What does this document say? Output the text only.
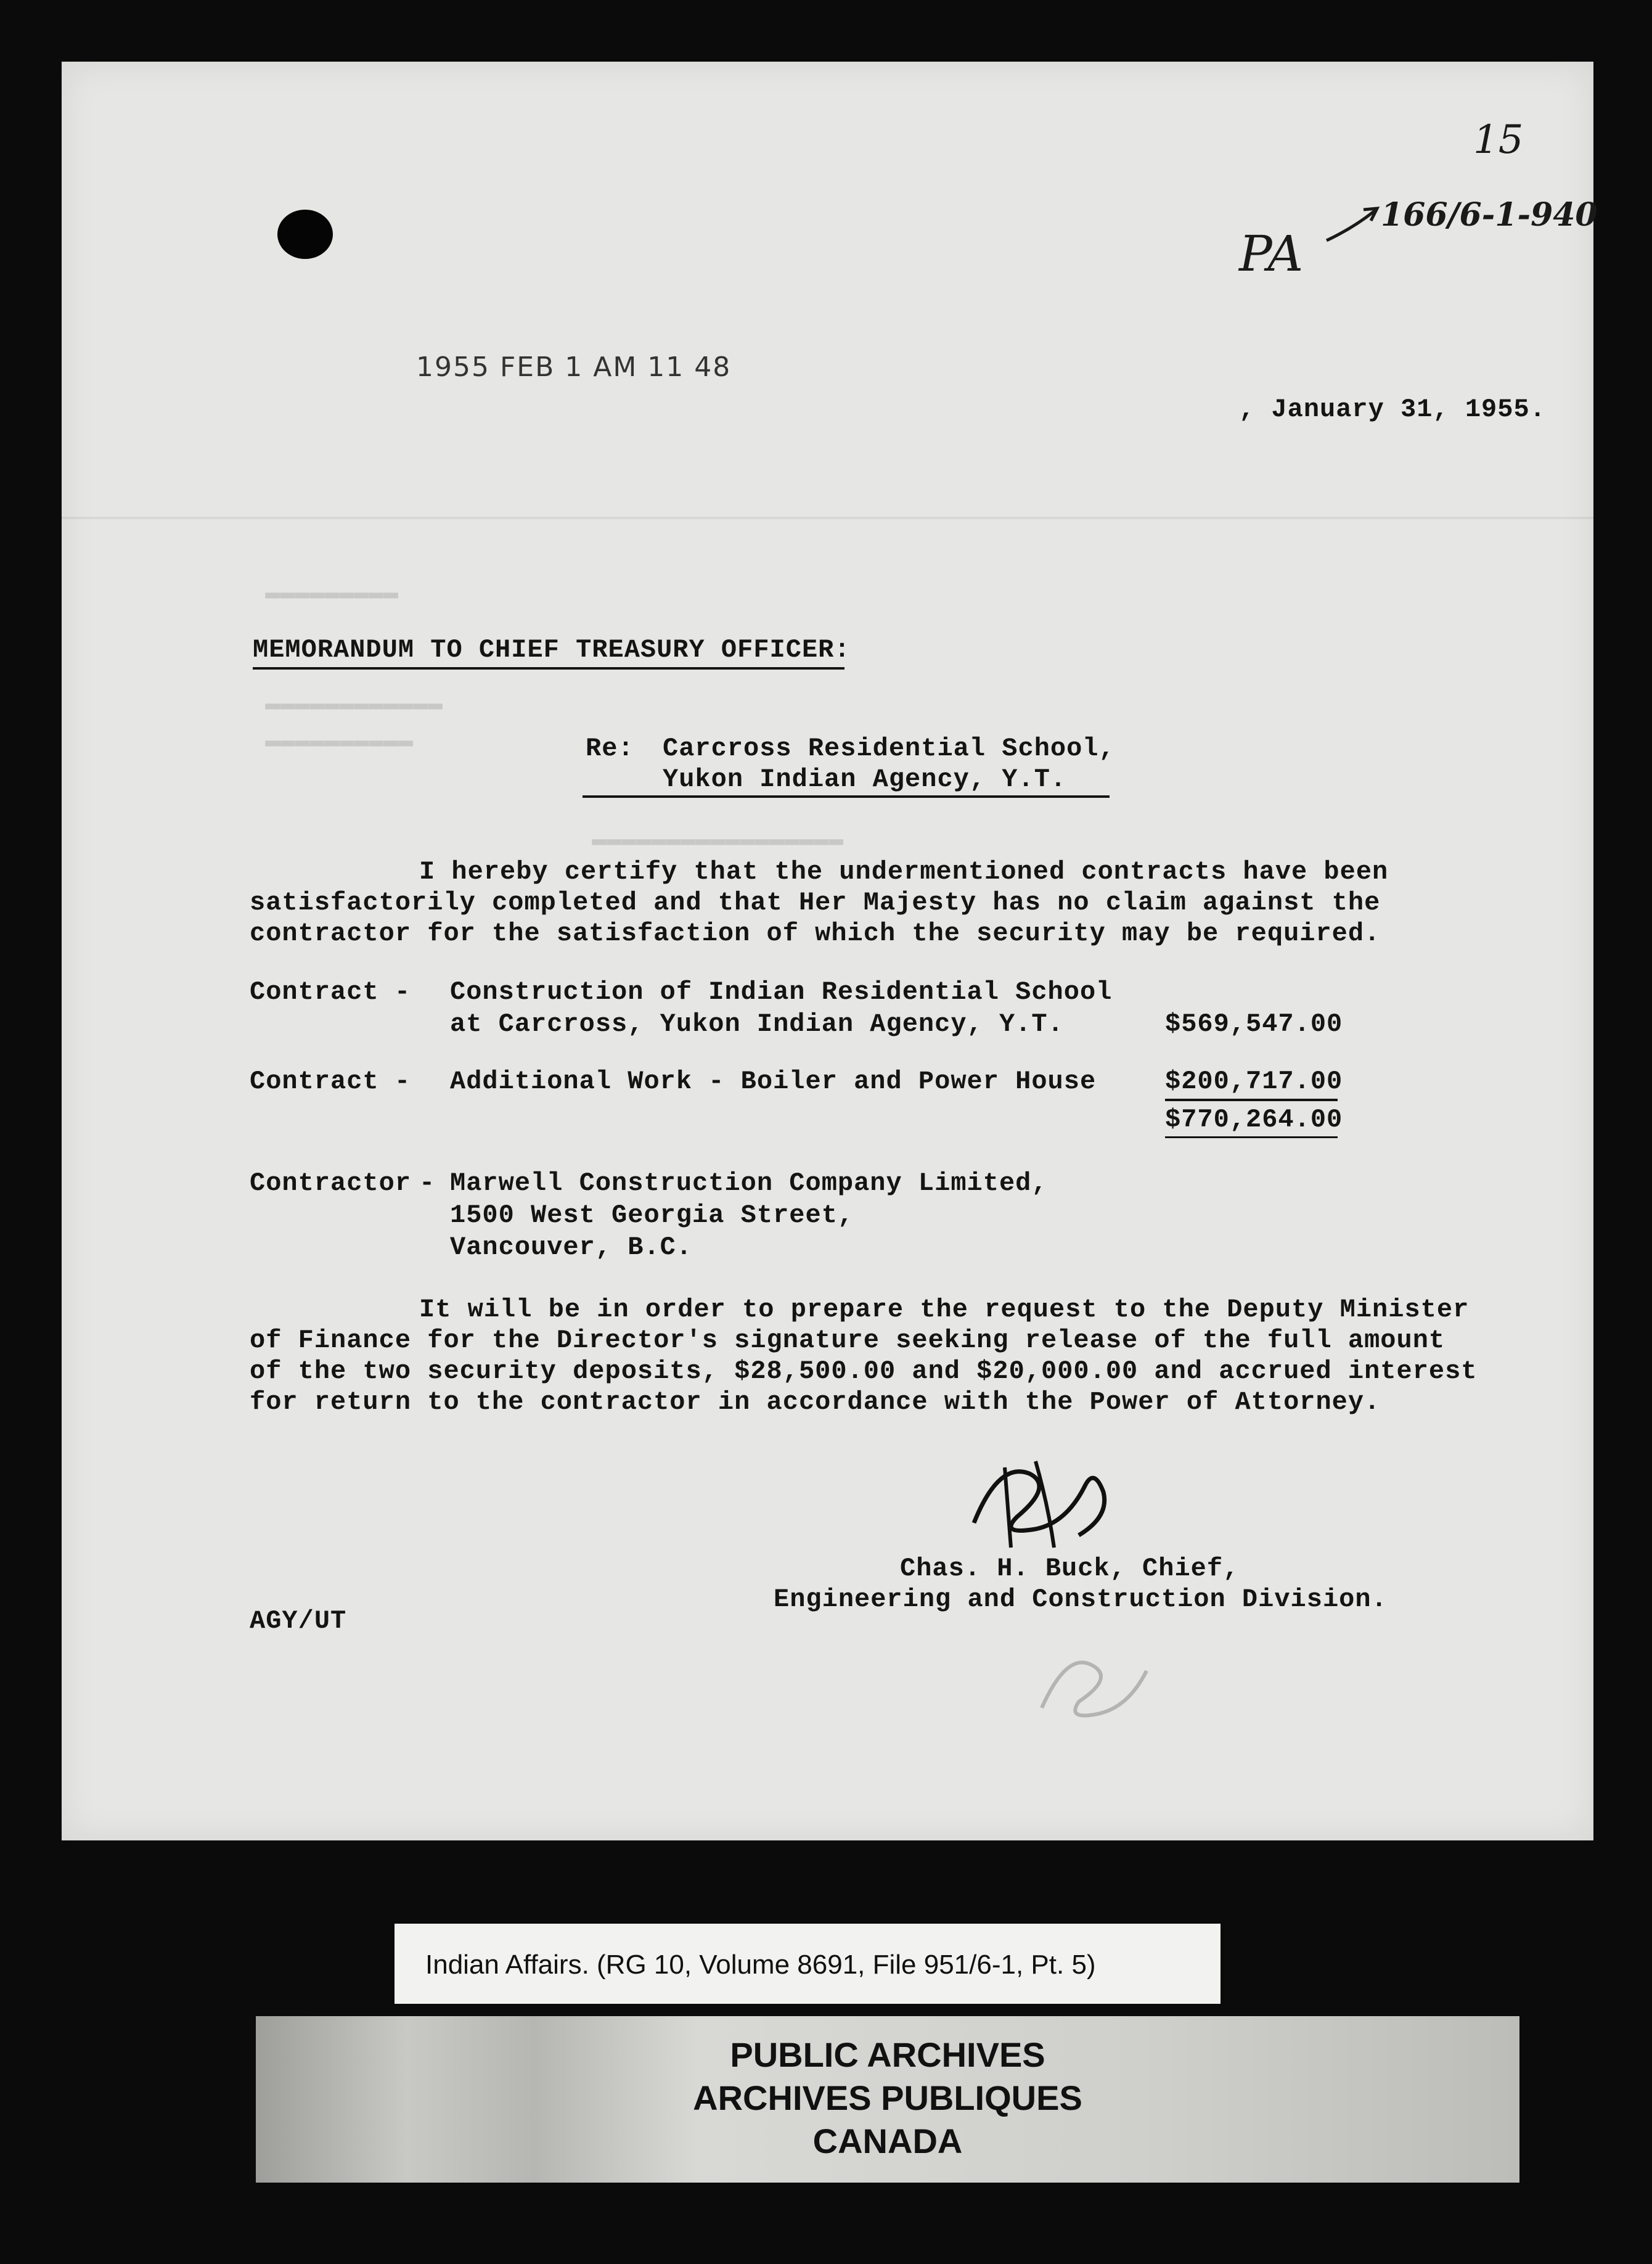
▬▬▬▬▬▬▬▬▬
▬▬▬▬▬▬▬▬▬▬▬▬
▬▬▬▬▬▬▬▬▬▬
▬▬▬▬▬▬▬▬▬▬▬▬▬▬▬▬▬
15
PA
166/6-1-940
1955 FEB 1 AM 11 48
, January 31, 1955.
MEMORANDUM TO CHIEF TREASURY OFFICER:
Re: Carcross Residential School,
Yukon Indian Agency, Y.T.
I hereby certify that the undermentioned contracts have been
satisfactorily completed and that Her Majesty has no claim against the
contractor for the satisfaction of which the security may be required.
Contract - Construction of Indian Residential School
at Carcross, Yukon Indian Agency, Y.T.	$569,547.00
Contract - Additional Work - Boiler and Power House	$200,717.00
$770,264.00
Contractor - Marwell Construction Company Limited,
1500 West Georgia Street,
Vancouver, B.C.
It will be in order to prepare the request to the Deputy Minister
of Finance for the Director's signature seeking release of the full amount
of the two security deposits, $28,500.00 and $20,000.00 and accrued interest
for return to the contractor in accordance with the Power of Attorney.
Chas. H. Buck, Chief,
Engineering and Construction Division.
AGY/UT
Indian Affairs. (RG 10, Volume 8691, File 951/6-1, Pt. 5)
PUBLIC ARCHIVES
ARCHIVES PUBLIQUES
CANADA
